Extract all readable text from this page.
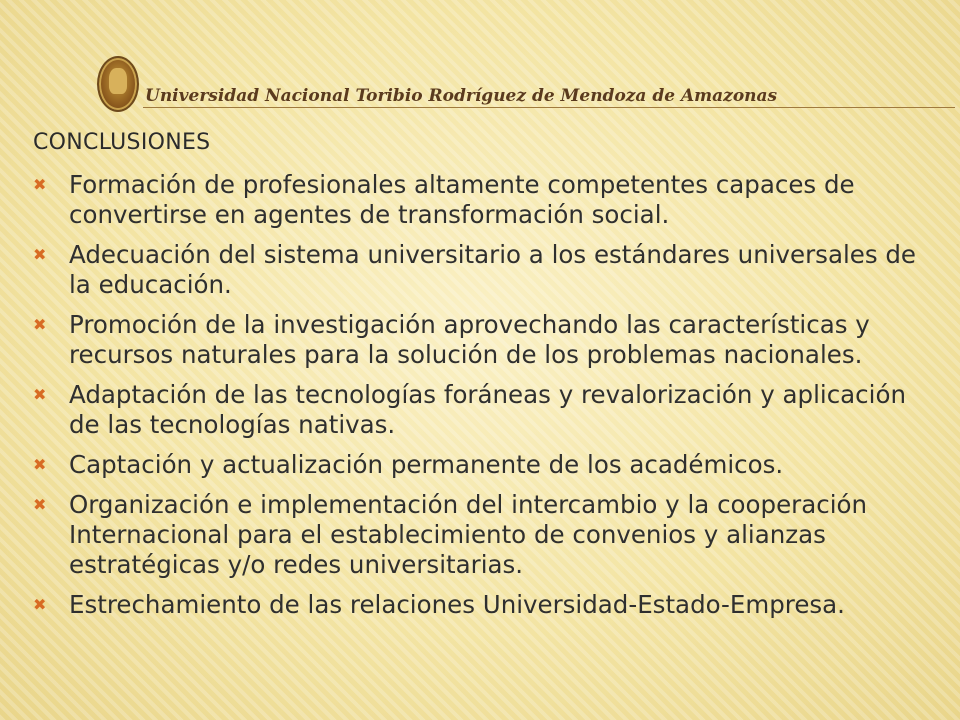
Universidad Nacional Toribio Rodríguez de Mendoza de Amazonas
CONCLUSIONES
✖ Formación de profesionales altamente competentes capaces de convertirse en agentes de transformación social.
✖ Adecuación del sistema universitario a los estándares universales de la educación.
✖ Promoción de la investigación aprovechando las características y recursos naturales para la solución de los problemas nacionales.
✖ Adaptación de las tecnologías foráneas y revalorización y aplicación de las tecnologías nativas.
✖ Captación y actualización permanente de los académicos.
✖ Organización e implementación del intercambio y la cooperación Internacional para el establecimiento de convenios y alianzas estratégicas y/o redes universitarias.
✖ Estrechamiento de las relaciones Universidad-Estado-Empresa.
